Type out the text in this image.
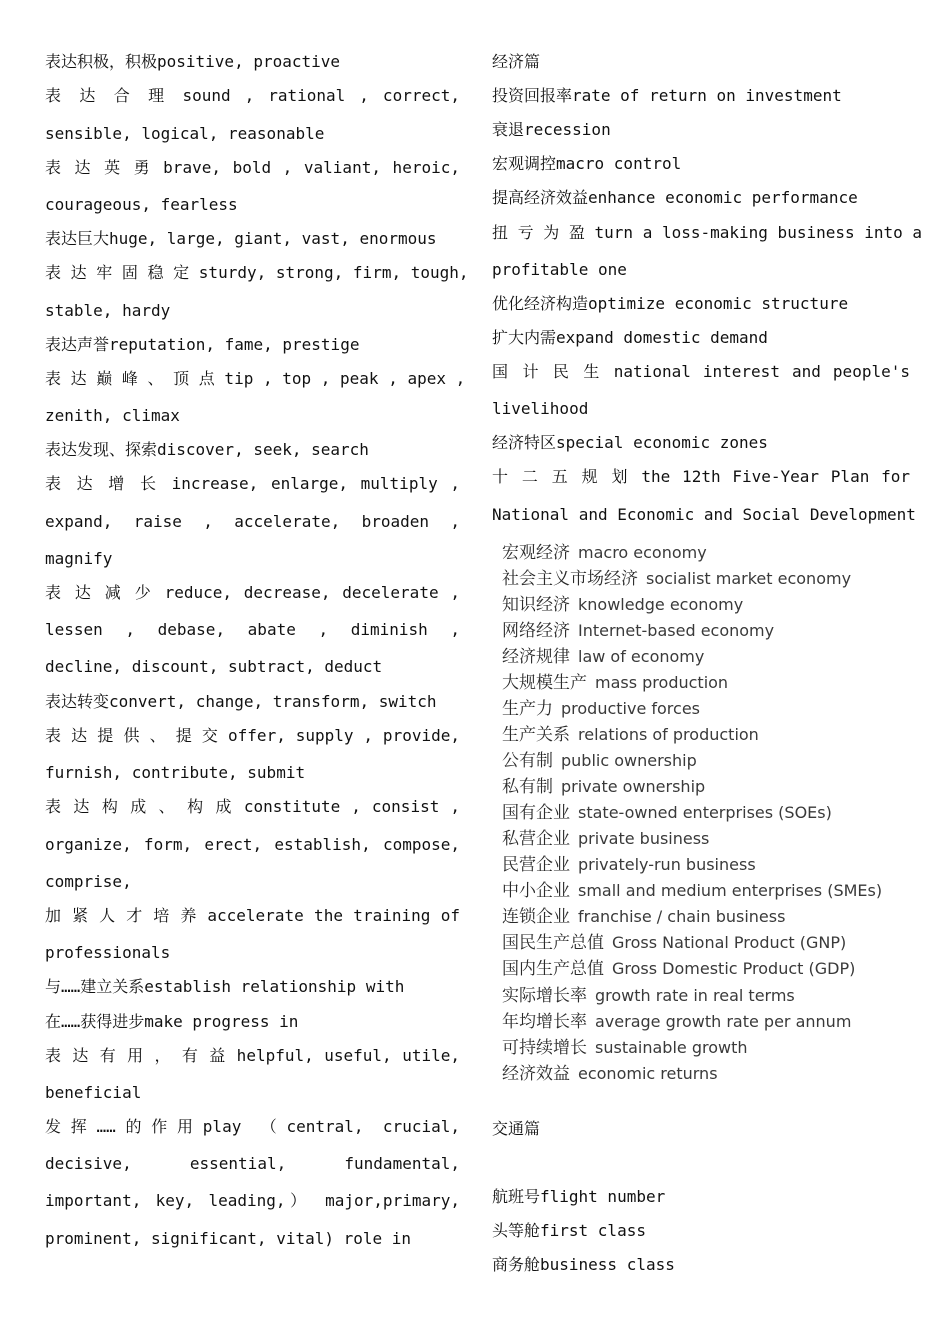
表达积极，积极positive, proactive
表 达 合 理 sound , rational , correct,
sensible, logical, reasonable
表 达 英 勇 brave, bold , valiant, heroic,
courageous, fearless
表达巨大huge, large, giant, vast, enormous
表 达 牢 固 稳 定 sturdy, strong, firm, tough,
stable, hardy
表达声誉reputation, fame, prestige
表 达 巅 峰 、 顶 点 tip , top , peak , apex ,
zenith, climax
表达发现、探索discover, seek, search
表 达 增 长 increase, enlarge, multiply ,
expand, raise , accelerate, broaden ,
magnify
表 达 减 少 reduce, decrease, decelerate ,
lessen , debase, abate , diminish ,
decline, discount, subtract, deduct
表达转变convert, change, transform, switch
表 达 提 供 、 提 交 offer, supply , provide,
furnish, contribute, submit
表 达 构 成 、 构 成 constitute , consist ,
organize, form, erect, establish, compose,
comprise,
加 紧 人 才 培 养 accelerate the training of
professionals
与……建立关系establish relationship with
在……获得进步make progress in
表 达 有 用 ， 有 益 helpful, useful, utile,
beneficial
发挥……的作用play （central, crucial,
decisive, essential, fundamental,
important, key, leading,） major,primary,
prominent, significant, vital) role in
经济篇
投资回报率rate of return on investment
衰退recession
宏观调控macro control
提高经济效益enhance economic performance
扭 亏 为 盈 turn a loss-making business into a
profitable one
优化经济构造optimize economic structure
扩大内需expand domestic demand
国 计 民 生 national interest and people's
livelihood
经济特区special economic zones
十 二 五 规 划 the 12th Five-Year Plan for
National and Economic and Social Development
宏观经济 macro economy
社会主义市场经济 socialist market economy
知识经济 knowledge economy
网络经济 Internet-based economy
经济规律 law of economy
大规模生产 mass production
生产力 productive forces
生产关系 relations of production
公有制 public ownership
私有制 private ownership
国有企业 state-owned enterprises (SOEs)
私营企业 private business
民营企业 privately-run business
中小企业 small and medium enterprises (SMEs)
连锁企业 franchise / chain business
国民生产总值 Gross National Product (GNP)
国内生产总值 Gross Domestic Product (GDP)
实际增长率 growth rate in real terms
年均增长率 average growth rate per annum
可持续增长 sustainable growth
经济效益 economic returns
交通篇
航班号flight number
头等舱first class
商务舱business class
